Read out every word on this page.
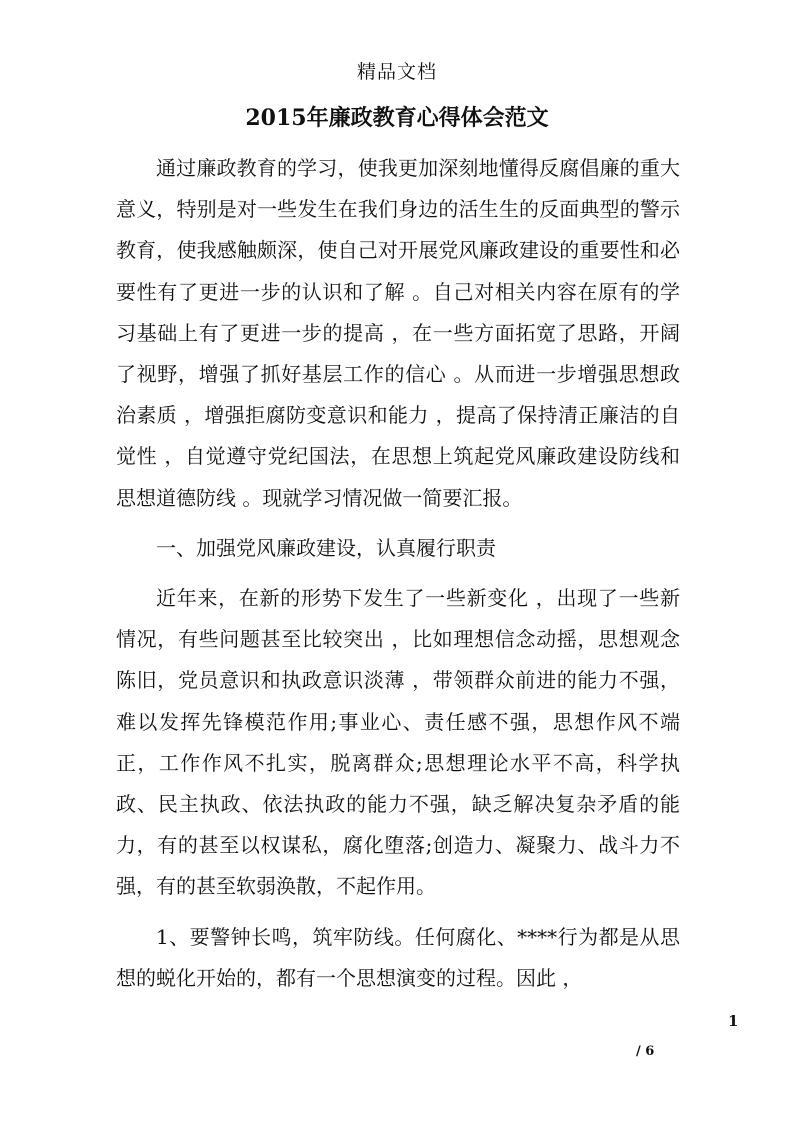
精品文档
2015年廉政教育心得体会范文

通过廉政教育的学习，使我更加深刻地懂得反腐倡廉的重大意义，特别是对一些发生在我们身边的活生生的反面典型的警示教育，使我感触颇深，使自己对开展党风廉政建设的重要性和必要性有了更进一步的认识和了解 。自己对相关内容在原有的学习基础上有了更进一步的提高 ，在一些方面拓宽了思路，开阔了视野，增强了抓好基层工作的信心 。从而进一步增强思想政治素质 ，增强拒腐防变意识和能力 ，提高了保持清正廉洁的自觉性 ，自觉遵守党纪国法，在思想上筑起党风廉政建设防线和思想道德防线 。现就学习情况做一简要汇报。

一、加强党风廉政建设，认真履行职责

近年来，在新的形势下发生了一些新变化 ，出现了一些新情况，有些问题甚至比较突出 ，比如理想信念动摇，思想观念陈旧，党员意识和执政意识淡薄 ，带领群众前进的能力不强，难以发挥先锋模范作用;事业心、责任感不强，思想作风不端正，工作作风不扎实，脱离群众;思想理论水平不高，科学执政、民主执政、依法执政的能力不强，缺乏解决复杂矛盾的能力，有的甚至以权谋私，腐化堕落;创造力、凝聚力、战斗力不强，有的甚至软弱涣散，不起作用。

1、要警钟长鸣，筑牢防线。任何腐化、****行为都是从思想的蜕化开始的，都有一个思想演变的过程。因此 ，

1
/ 6
